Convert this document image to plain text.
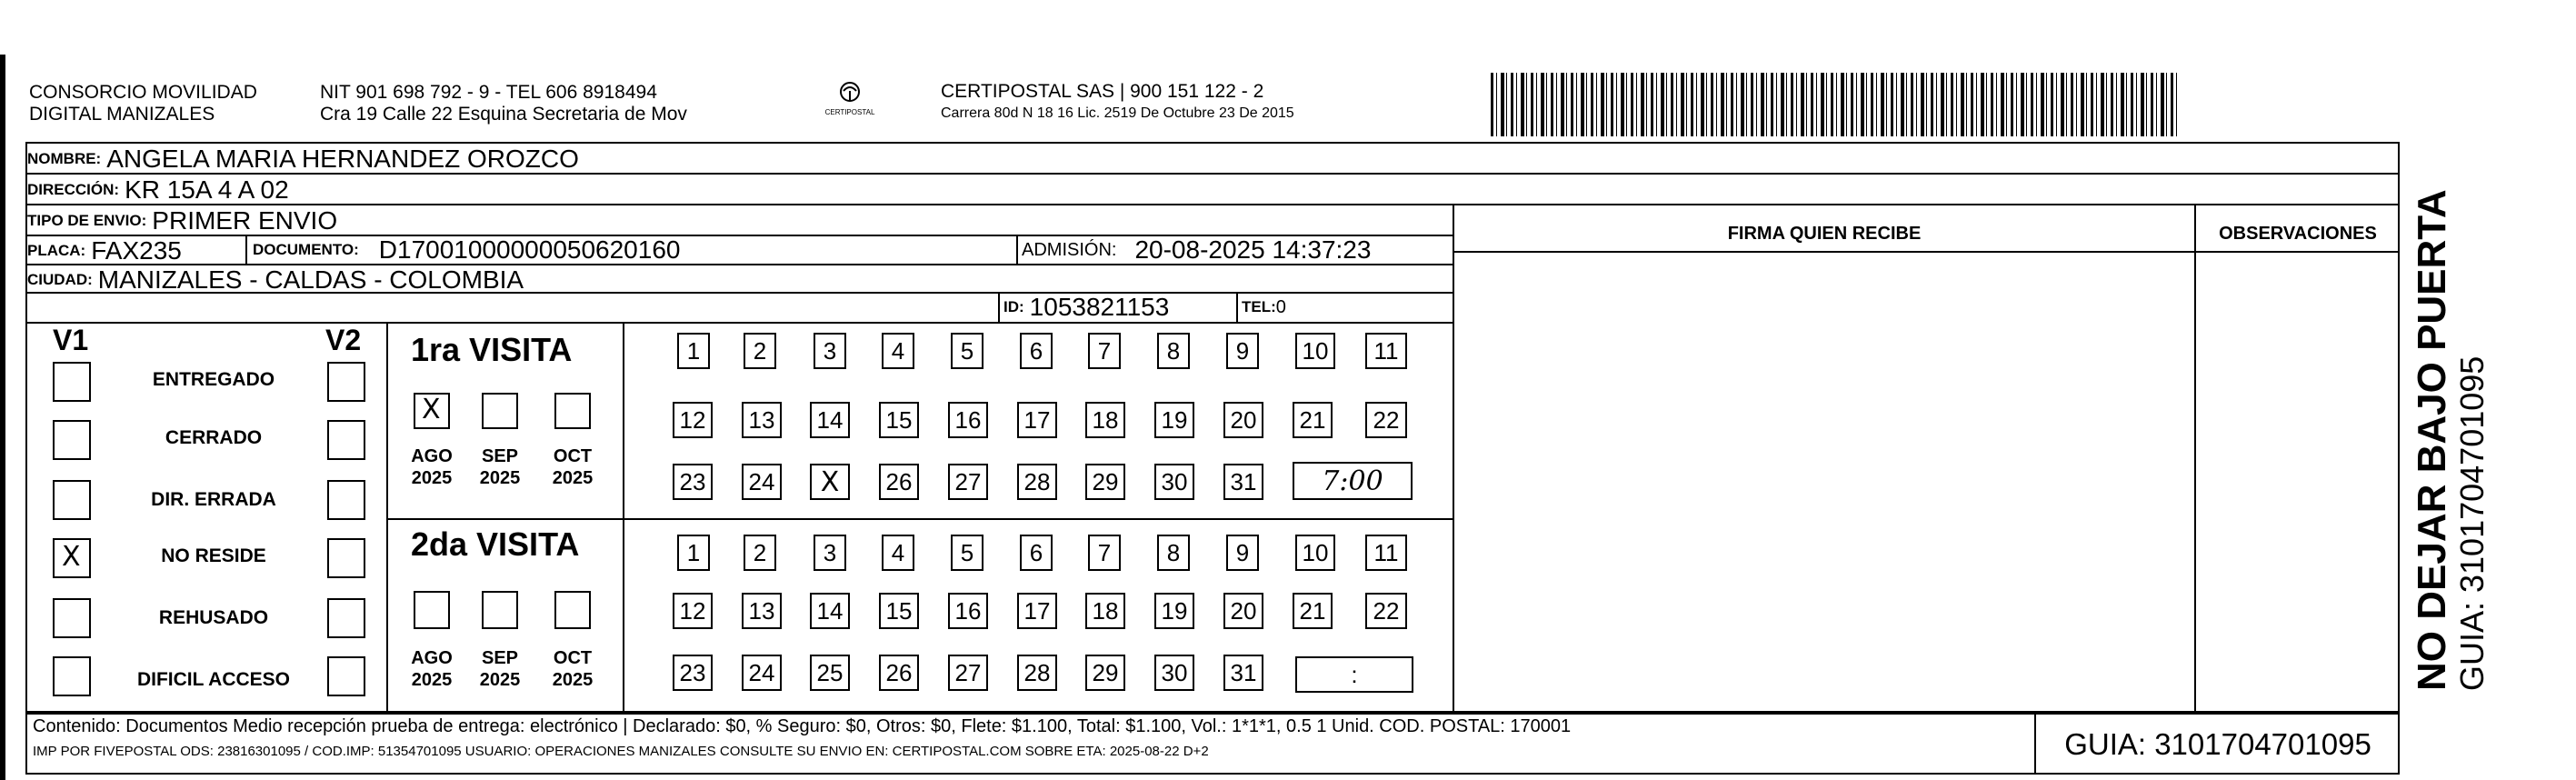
CONSORCIO MOVILIDAD
DIGITAL MANIZALES
NIT 901 698 792 - 9 - TEL 606 8918494
Cra 19 Calle 22 Esquina Secretaria de Mov	CERTIPOSTAL
CERTIPOSTAL SAS | 900 151 122 - 2
Carrera 80d N 18 16 Lic. 2519 De Octubre 23 De 2015
NOMBRE: ANGELA MARIA HERNANDEZ OROZCO
DIRECCIÓN: KR 15A 4 A 02
TIPO DE ENVIO: PRIMER ENVIO
PLACA: FAX235	DOCUMENTO: D17001000000050620160	ADMISIÓN: 20-08-2025 14:37:23
CIUDAD: MANIZALES - CALDAS - COLOMBIA
ID: 1053821153	TEL: 0
FIRMA QUIEN RECIBE	OBSERVACIONES
V1	V2
ENTREGADO
CERRADO
DIR. ERRADA
X	NO RESIDE
REHUSADO
DIFICIL ACCESO
1ra VISITA
X
AGO
2025
SEP
2025
OCT
2025
1	2	3	4	5	6	7	8	9	10	11
12 13 14 15 16 17 18 19 20 21	22
23 24 X 26 27 28 29 30 31 7:00
2da VISITA
AGO
2025
SEP
2025
OCT
2025
1	2	3	4	5	6	7	8	9	10	11
12 13 14 15 16 17 18 19 20 21	22
23 24 25 26 27 28 29 30 31	:
Contenido: Documentos Medio recepción prueba de entrega: electrónico | Declarado: $0, % Seguro: $0, Otros: $0, Flete: $1.100, Total: $1.100, Vol.: 1*1*1, 0.5 1 Unid. COD. POSTAL: 170001
IMP POR FIVEPOSTAL ODS: 23816301095 / COD.IMP: 51354701095 USUARIO: OPERACIONES MANIZALES CONSULTE SU ENVIO EN: CERTIPOSTAL.COM SOBRE ETA: 2025-08-22 D+2	GUIA: 3101704701095
NO DEJAR BAJO PUERTA GUIA: 3101704701095
